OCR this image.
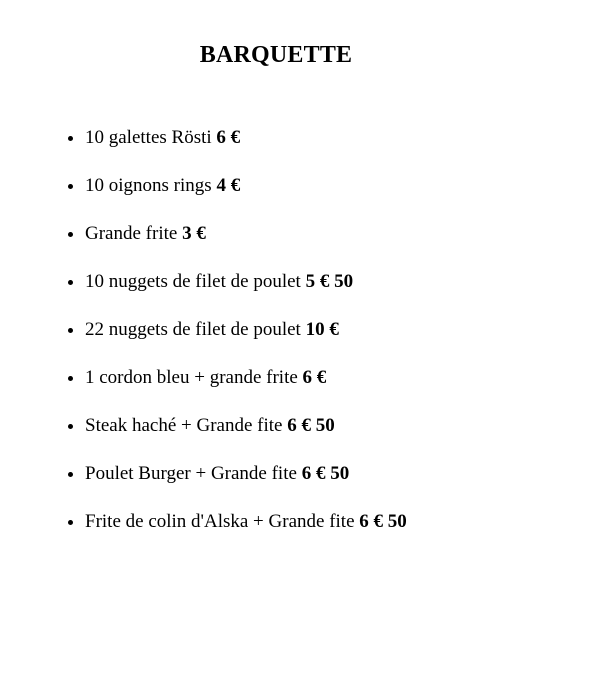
BARQUETTE
• 10 galettes Rösti 6 €
• 10 oignons rings 4 €
• Grande frite 3 €
• 10 nuggets de filet de poulet 5 € 50
• 22 nuggets de filet de poulet 10 €
• 1 cordon bleu + grande frite 6 €
• Steak haché + Grande fite 6 € 50
• Poulet Burger + Grande fite 6 € 50
• Frite de colin d'Alska + Grande fite 6 € 50
